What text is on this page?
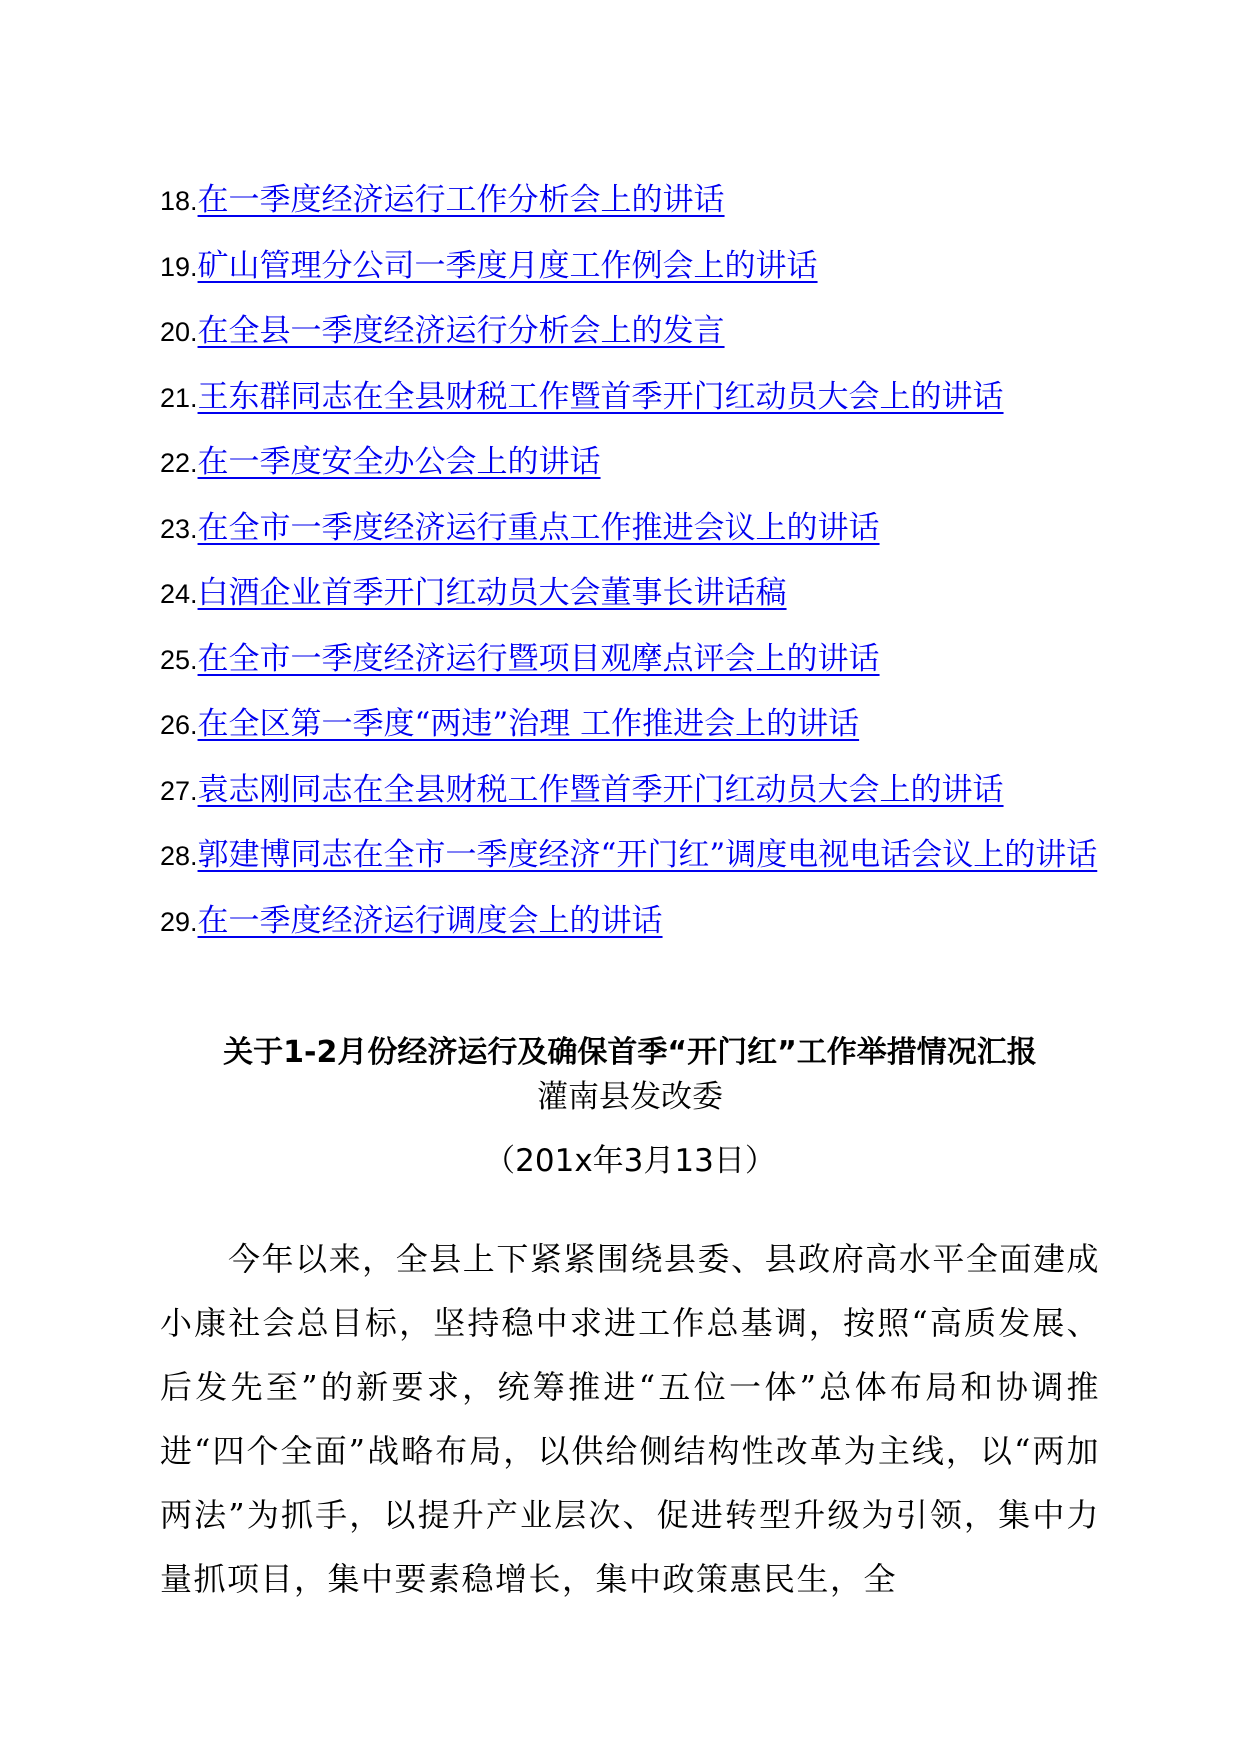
18.在一季度经济运行工作分析会上的讲话
19.矿山管理分公司一季度月度工作例会上的讲话
20.在全县一季度经济运行分析会上的发言
21.王东群同志在全县财税工作暨首季开门红动员大会上的讲话
22.在一季度安全办公会上的讲话
23.在全市一季度经济运行重点工作推进会议上的讲话
24.白酒企业首季开门红动员大会董事长讲话稿
25.在全市一季度经济运行暨项目观摩点评会上的讲话
26.在全区第一季度“两违”治理 工作推进会上的讲话
27.袁志刚同志在全县财税工作暨首季开门红动员大会上的讲话
28.郭建博同志在全市一季度经济“开门红”调度电视电话会议上的讲话
29.在一季度经济运行调度会上的讲话
关于1-2月份经济运行及确保首季“开门红”工作举措情况汇报
灌南县发改委
（201x年3月13日）

今年以来，全县上下紧紧围绕县委、县政府高水平全面建成小康社会总目标，坚持稳中求进工作总基调，按照“高质发展、后发先至”的新要求，统筹推进“五位一体”总体布局和协调推进“四个全面”战略布局，以供给侧结构性改革为主线，以“两加两法”为抓手，以提升产业层次、促进转型升级为引领，集中力量抓项目，集中要素稳增长，集中政策惠民生，全
